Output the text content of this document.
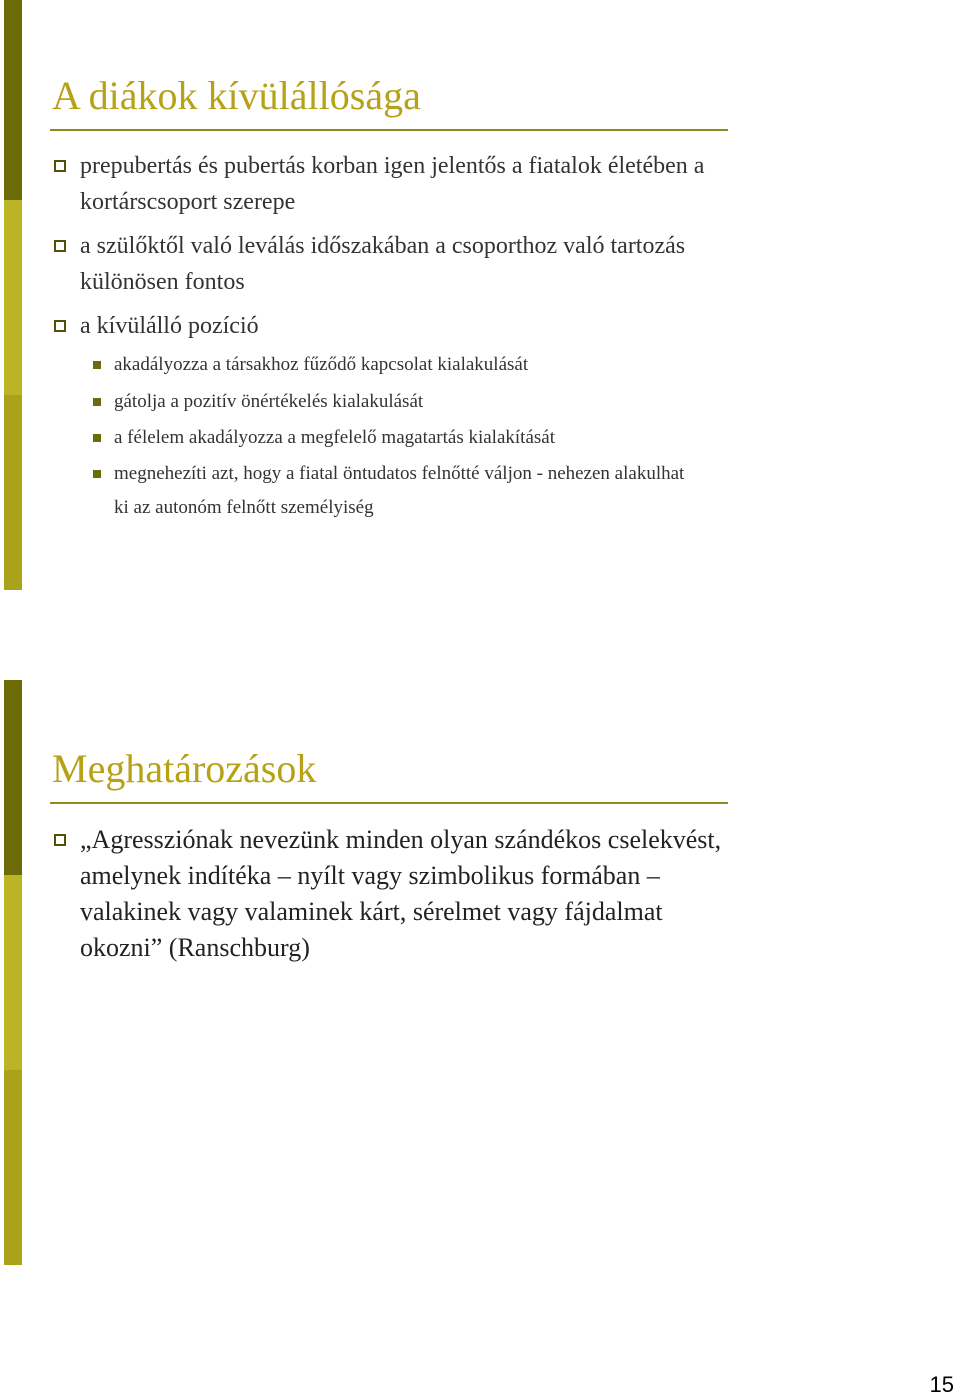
A diákok kívülállósága
prepubertás és pubertás korban igen jelentős a fiatalok életében a kortárscsoport szerepe
a szülőktől való leválás időszakában a csoporthoz való tartozás különösen fontos
a kívülálló pozíció
akadályozza a társakhoz fűződő kapcsolat kialakulását
gátolja a pozitív önértékelés kialakulását
a félelem akadályozza a megfelelő magatartás kialakítását
megnehezíti azt, hogy a fiatal öntudatos felnőtté váljon - nehezen alakulhat ki az autonóm felnőtt személyiség
Meghatározások
„Agressziónak nevezünk minden olyan szándékos cselekvést, amelynek indítéka – nyílt vagy szimbolikus formában – valakinek vagy valaminek kárt, sérelmet vagy fájdalmat okozni” (Ranschburg)
15
